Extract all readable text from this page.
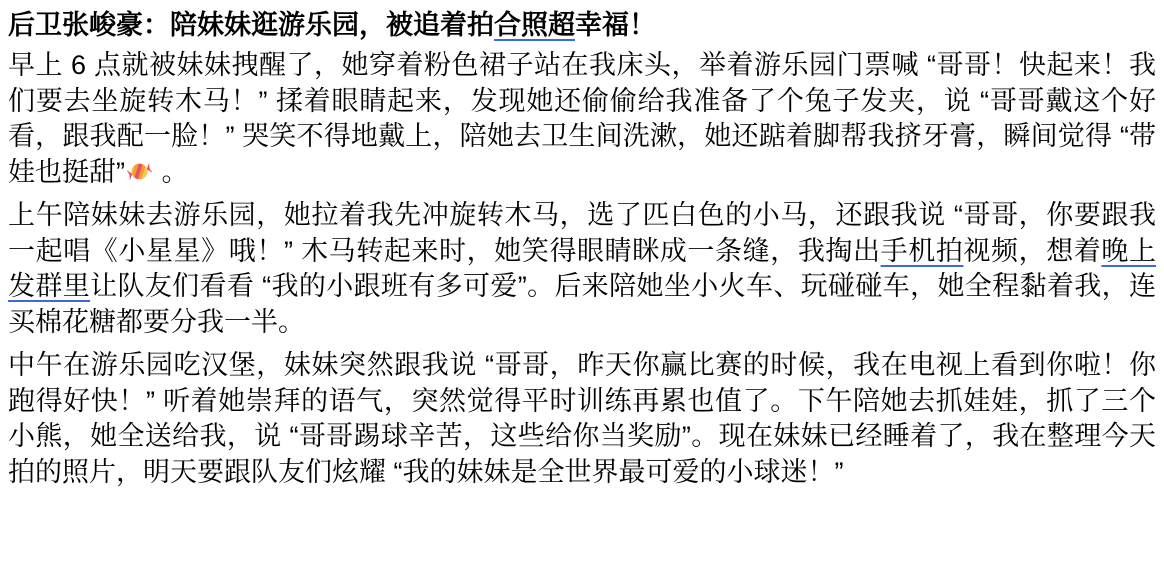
后卫张峻豪：陪妹妹逛游乐园，被追着拍合照超幸福！

早上 6 点就被妹妹拽醒了，她穿着粉色裙子站在我床头，举着游乐园门票喊 “哥哥！快起来！我们要去坐旋转木马！” 揉着眼睛起来，发现她还偷偷给我准备了个兔子发夹，说 “哥哥戴这个好看，跟我配一脸！” 哭笑不得地戴上，陪她去卫生间洗漱，她还踮着脚帮我挤牙膏，瞬间觉得 “带娃也挺甜” 。

上午陪妹妹去游乐园，她拉着我先冲旋转木马，选了匹白色的小马，还跟我说 “哥哥，你要跟我一起唱《小星星》哦！” 木马转起来时，她笑得眼睛眯成一条缝，我掏出手机拍视频，想着晚上发群里让队友们看看 “我的小跟班有多可爱”。后来陪她坐小火车、玩碰碰车，她全程黏着我，连买棉花糖都要分我一半。

中午在游乐园吃汉堡，妹妹突然跟我说 “哥哥，昨天你赢比赛的时候，我在电视上看到你啦！你跑得好快！” 听着她崇拜的语气，突然觉得平时训练再累也值了。下午陪她去抓娃娃，抓了三个小熊，她全送给我，说 “哥哥踢球辛苦，这些给你当奖励”。现在妹妹已经睡着了，我在整理今天拍的照片，明天要跟队友们炫耀 “我的妹妹是全世界最可爱的小球迷！”
